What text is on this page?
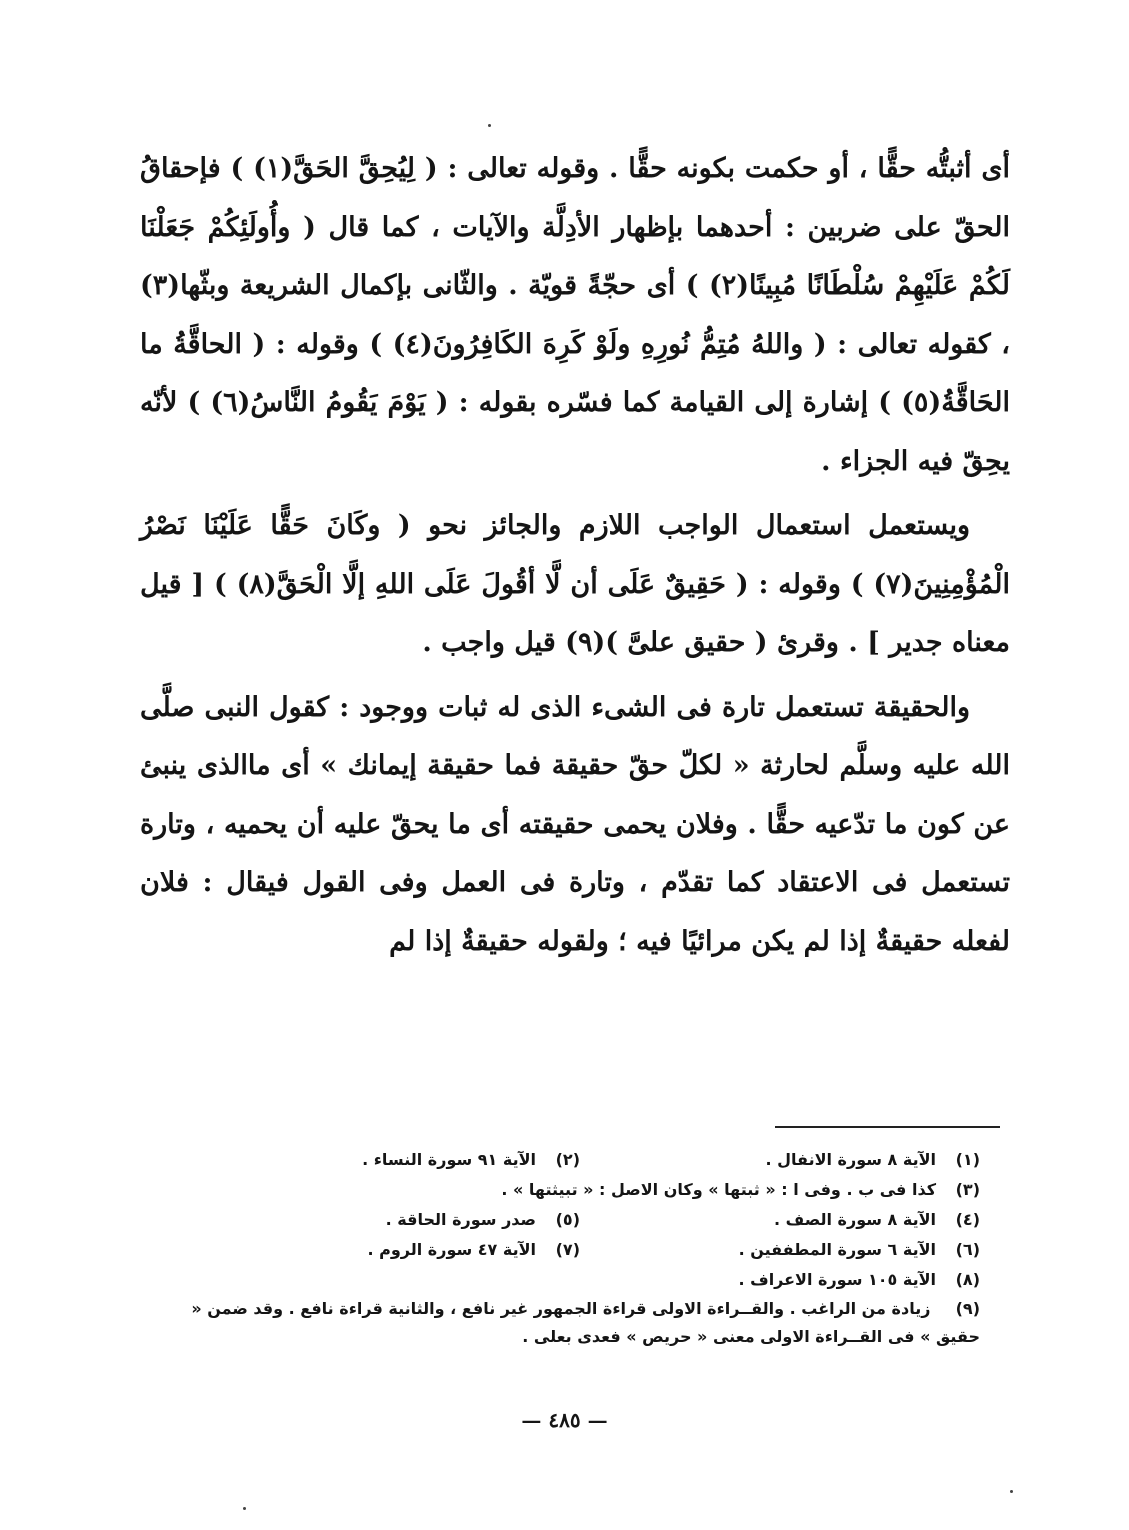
أى أثبتُّه حقًّا ، أو حكمت بكونه حقًّا . وقوله تعالى : ( لِيُحِقَّ الحَقَّ(١) ) فإحقاقُ الحقّ على ضربين : أحدهما بإظهار الأدِلَّة والآيات ، كما قال ( وأُولَئِكُمْ جَعَلْنَا لَكُمْ عَلَيْهِمْ سُلْطَانًا مُبِينًا(٢) ) أى حجّةً قويّة . والثّانى بإكمال الشريعة وبثّها(٣) ، كقوله تعالى : ( واللهُ مُتِمُّ نُورِهِ ولَوْ كَرِهَ الكَافِرُونَ(٤) ) وقوله : ( الحاقَّةُ ما الحَاقَّةُ(٥) ) إشارة إلى القيامة كما فسّره بقوله : ( يَوْمَ يَقُومُ النَّاسُ(٦) ) لأنّه يحِقّ فيه الجزاء .

ويستعمل استعمال الواجب اللازم والجائز نحو ( وكَانَ حَقًّا عَلَيْنَا نَصْرُ الْمُؤْمِنِينَ(٧) ) وقوله : ( حَقِيقٌ عَلَى أن لَّا أقُولَ عَلَى اللهِ إلَّا الْحَقَّ(٨) ) [ قيل معناه جدير ] . وقرئ ( حقيق علىَّ )(٩) قيل واجب .

والحقيقة تستعمل تارة فى الشىء الذى له ثبات ووجود : كقول النبى صلَّى الله عليه وسلَّم لحارثة « لكلّ حقّ حقيقة فما حقيقة إيمانك » أى ماالذى ينبئ عن كون ما تدّعيه حقًّا . وفلان يحمى حقيقته أى ما يحقّ عليه أن يحميه ، وتارة تستعمل فى الاعتقاد كما تقدّم ، وتارة فى العمل وفى القول فيقال : فلان لفعله حقيقةٌ إذا لم يكن مرائيًا فيه ؛ ولقوله حقيقةٌ إذا لم

(١)
الآية ٨ سورة الانفال .
(٢)
الآية ٩١ سورة النساء .
(٣)
كذا فى ب . وفى ا : « ثبتها » وكان الاصل : « تبيثتها » .
(٤)
الآية ٨ سورة الصف .
(٥)
صدر سورة الحاقة .
(٦)
الآية ٦ سورة المطففين .
(٧)
الآية ٤٧ سورة الروم .
(٨)
الآية ١٠٥ سورة الاعراف .
(٩) زيادة من الراغب . والقــراءة الاولى قراءة الجمهور غير نافع ، والثانية قراءة نافع . وقد ضمن « حقيق » فى القــراءة الاولى معنى « حريص » فعدى بعلى .
— ٤٨٥ —
